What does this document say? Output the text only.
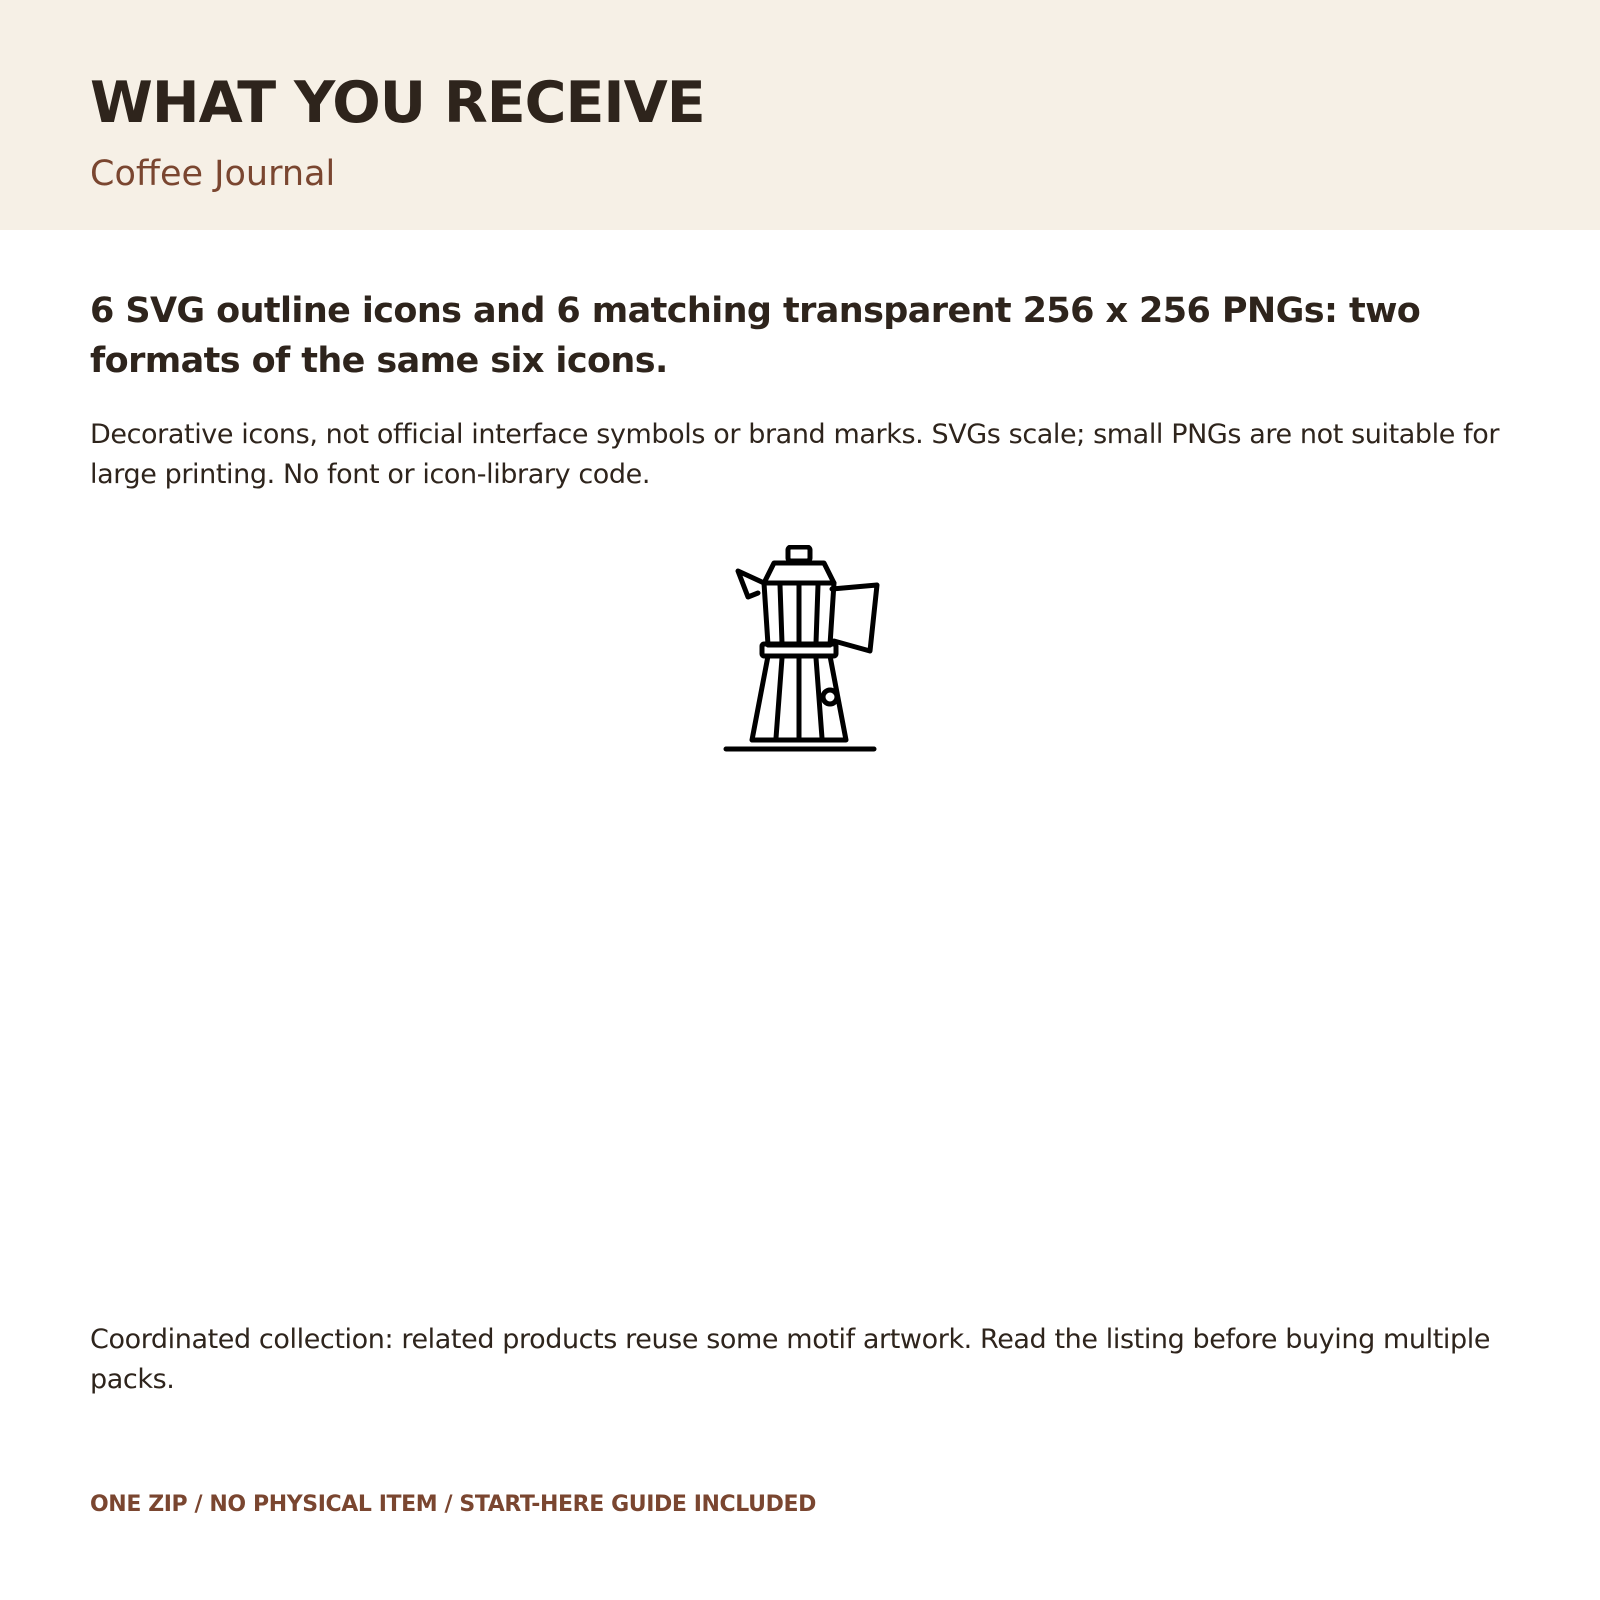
WHAT YOU RECEIVE
Coffee Journal
6 SVG outline icons and 6 matching transparent 256 x 256 PNGs: two formats of the same six icons.
Decorative icons, not official interface symbols or brand marks. SVGs scale; small PNGs are not suitable for large printing. No font or icon-library code.
Coordinated collection: related products reuse some motif artwork. Read the listing before buying multiple packs.
ONE ZIP / NO PHYSICAL ITEM / START-HERE GUIDE INCLUDED
